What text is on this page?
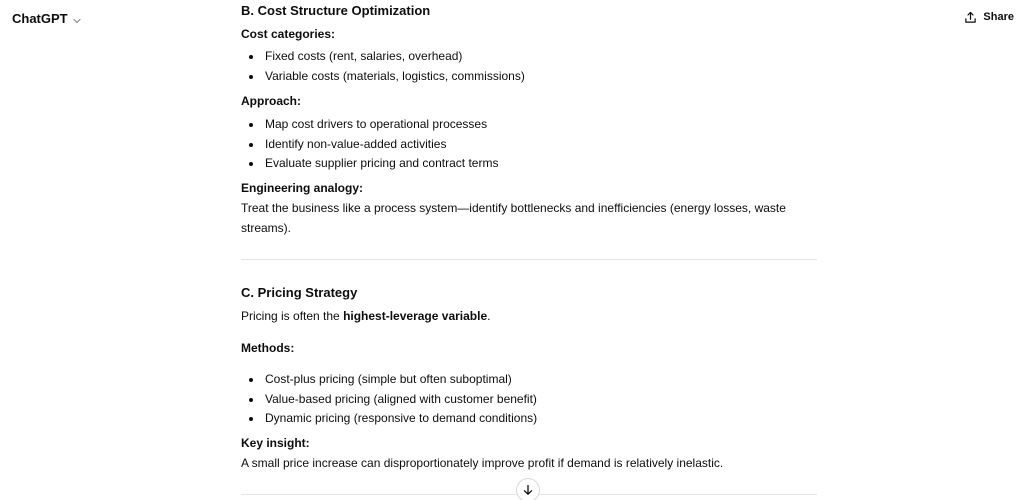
ChatGPT	Share
B. Cost Structure Optimization
Cost categories:
Fixed costs (rent, salaries, overhead)
Variable costs (materials, logistics, commissions)
Approach:
Map cost drivers to operational processes
Identify non-value-added activities
Evaluate supplier pricing and contract terms
Engineering analogy:

Treat the business like a process system—identify bottlenecks and inefficiencies (energy losses, waste streams).

C. Pricing Strategy

Pricing is often the highest-leverage variable.

Methods:
Cost-plus pricing (simple but often suboptimal)
Value-based pricing (aligned with customer benefit)
Dynamic pricing (responsive to demand conditions)
Key insight:

A small price increase can disproportionately improve profit if demand is relatively inelastic.
